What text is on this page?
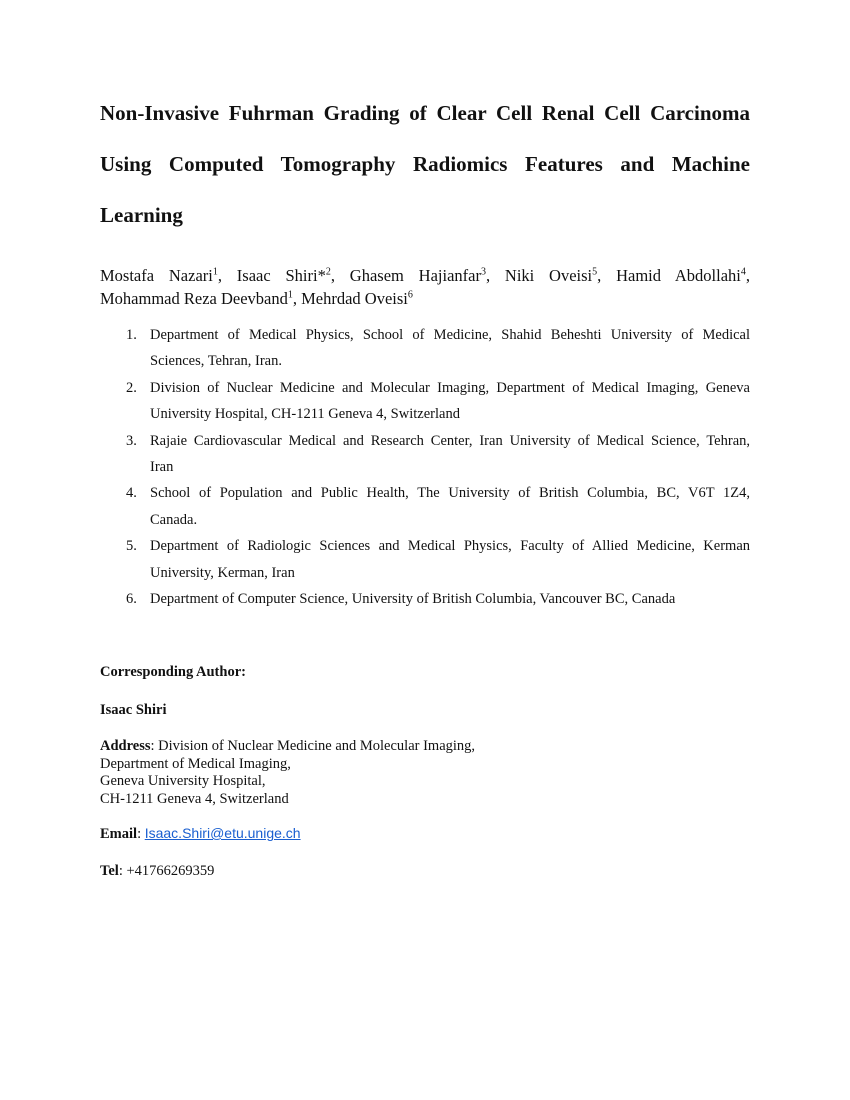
Non-Invasive Fuhrman Grading of Clear Cell Renal Cell Carcinoma
Using Computed Tomography Radiomics Features and Machine
Learning
Mostafa Nazari$^1$, Isaac Shiri*$^2$, Ghasem Hajianfar$^3$, Niki Oveisi$^5$, Hamid Abdollahi$^4$,
Mohammad Reza Deevband$^1$, Mehrdad Oveisi$^6$
1. Department of Medical Physics, School of Medicine, Shahid Beheshti University of Medical
Sciences, Tehran, Iran.
2. Division of Nuclear Medicine and Molecular Imaging, Department of Medical Imaging, Geneva
University Hospital, CH-1211 Geneva 4, Switzerland
3. Rajaie Cardiovascular Medical and Research Center, Iran University of Medical Science, Tehran,
Iran
4. School of Population and Public Health, The University of British Columbia, BC, V6T 1Z4,
Canada.
5. Department of Radiologic Sciences and Medical Physics, Faculty of Allied Medicine, Kerman
University, Kerman, Iran
6. Department of Computer Science, University of British Columbia, Vancouver BC, Canada
Corresponding Author:
Isaac Shiri
Address: Division of Nuclear Medicine and Molecular Imaging,
Department of Medical Imaging,
Geneva University Hospital,
CH-1211 Geneva 4, Switzerland
Email: Isaac.Shiri@etu.unige.ch
Tel: +41766269359
